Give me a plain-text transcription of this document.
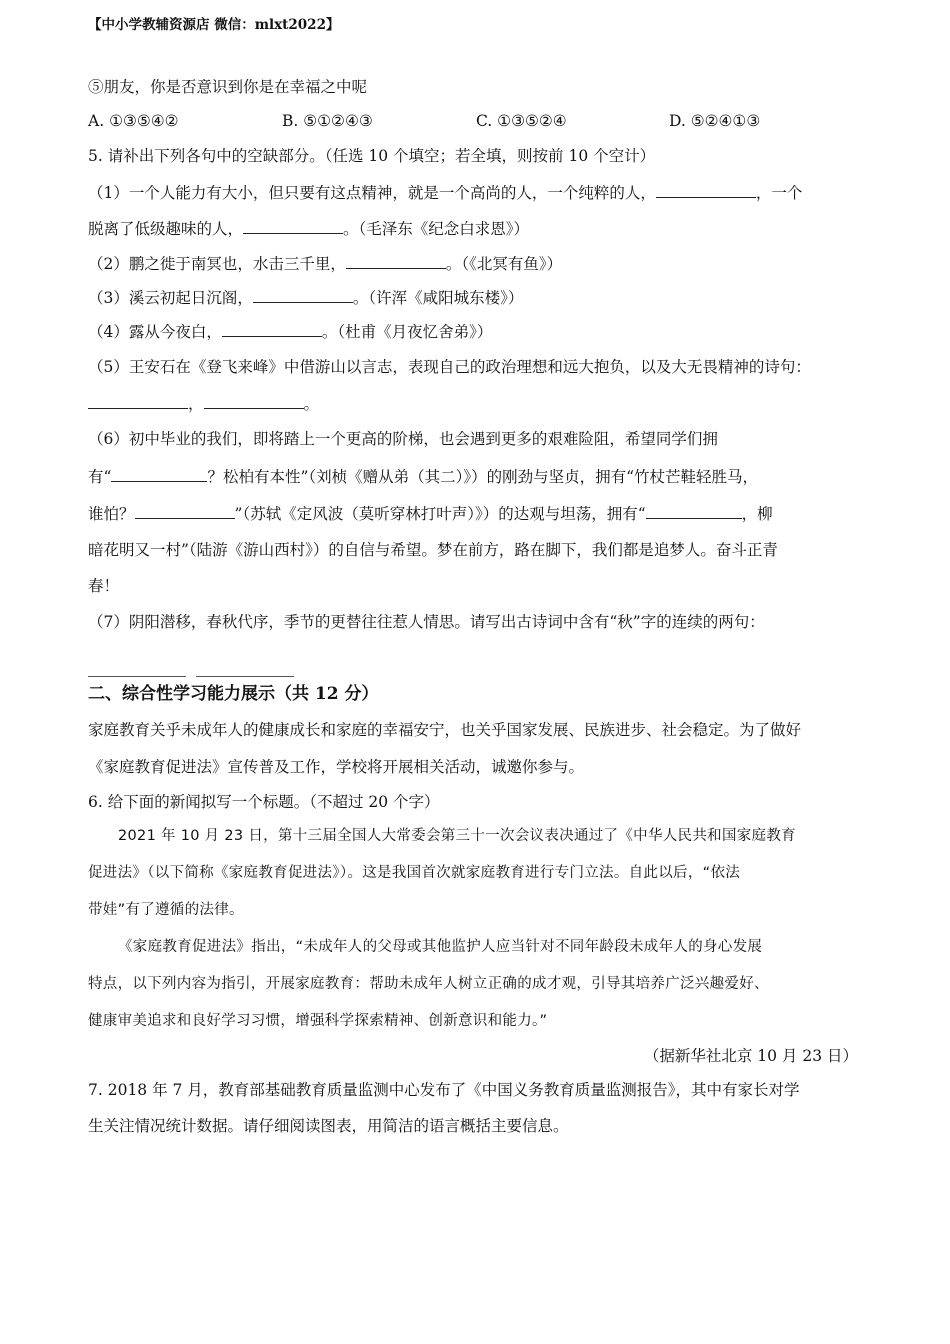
【中小学教辅资源店 微信：mlxt2022】
⑤朋友，你是否意识到你是在幸福之中呢
A. ①③⑤④②	B. ⑤①②④③	C. ①③⑤②④	D. ⑤②④①③
5. 请补出下列各句中的空缺部分。（任选 10 个填空；若全填，则按前 10 个空计）
（1）一个人能力有大小，但只要有这点精神，就是一个高尚的人，一个纯粹的人，	，一个
脱离了低级趣味的人，	。（毛泽东《纪念白求恩》）
（2）鹏之徙于南冥也，水击三千里，	。（《北冥有鱼》）
（3）溪云初起日沉阁，	。（许浑《咸阳城东楼》）
（4）露从今夜白，	。（杜甫《月夜忆舍弟》）
（5）王安石在《登飞来峰》中借游山以言志，表现自己的政治理想和远大抱负，以及大无畏精神的诗句：
，	。
（6）初中毕业的我们，即将踏上一个更高的阶梯，也会遇到更多的艰难险阻，希望同学们拥
有“	？松柏有本性”（刘桢《赠从弟（其二）》）的刚劲与坚贞，拥有“竹杖芒鞋轻胜马，
谁怕？	”（苏轼《定风波（莫听穿林打叶声）》）的达观与坦荡，拥有“	，柳
暗花明又一村”（陆游《游山西村》）的自信与希望。梦在前方，路在脚下，我们都是追梦人。奋斗正青
春！
（7）阴阳潜移，春秋代序，季节的更替往往惹人情思。请写出古诗词中含有“秋”字的连续的两句：
二、综合性学习能力展示（共 12 分）
家庭教育关乎未成年人的健康成长和家庭的幸福安宁，也关乎国家发展、民族进步、社会稳定。为了做好
《家庭教育促进法》宣传普及工作，学校将开展相关活动，诚邀你参与。
6. 给下面的新闻拟写一个标题。（不超过 20 个字）
2021 年 10 月 23 日，第十三届全国人大常委会第三十一次会议表决通过了《中华人民共和国家庭教育
促进法》（以下简称《家庭教育促进法》）。这是我国首次就家庭教育进行专门立法。自此以后，“依法
带娃”有了遵循的法律。
《家庭教育促进法》指出，“未成年人的父母或其他监护人应当针对不同年龄段未成年人的身心发展
特点，以下列内容为指引，开展家庭教育：帮助未成年人树立正确的成才观，引导其培养广泛兴趣爱好、
健康审美追求和良好学习习惯，增强科学探索精神、创新意识和能力。”
（据新华社北京 10 月 23 日）
7. 2018 年 7 月，教育部基础教育质量监测中心发布了《中国义务教育质量监测报告》，其中有家长对学
生关注情况统计数据。请仔细阅读图表，用简洁的语言概括主要信息。
